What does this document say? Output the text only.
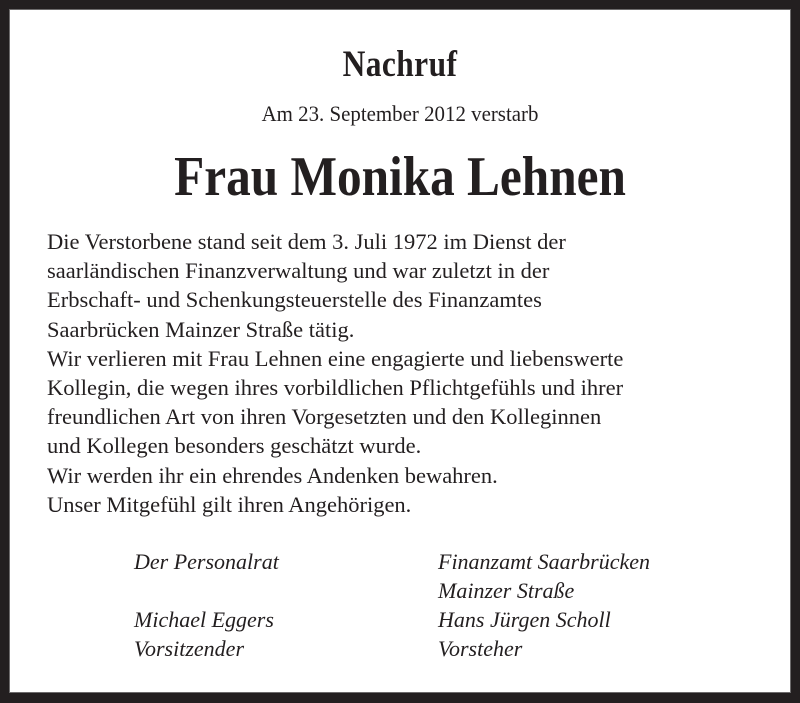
Nachruf
Am 23. September 2012 verstarb
Frau Monika Lehnen
Die Verstorbene stand seit dem 3. Juli 1972 im Dienst der
saarländischen Finanzverwaltung und war zuletzt in der
Erbschaft- und Schenkungsteuerstelle des Finanzamtes
Saarbrücken Mainzer Straße tätig.
Wir verlieren mit Frau Lehnen eine engagierte und liebenswerte
Kollegin, die wegen ihres vorbildlichen Pflichtgefühls und ihrer
freundlichen Art von ihren Vorgesetzten und den Kolleginnen
und Kollegen besonders geschätzt wurde.
Wir werden ihr ein ehrendes Andenken bewahren.
Unser Mitgefühl gilt ihren Angehörigen.
Der Personalrat
Michael Eggers
Vorsitzender
Finanzamt Saarbrücken
Mainzer Straße
Hans Jürgen Scholl
Vorsteher
